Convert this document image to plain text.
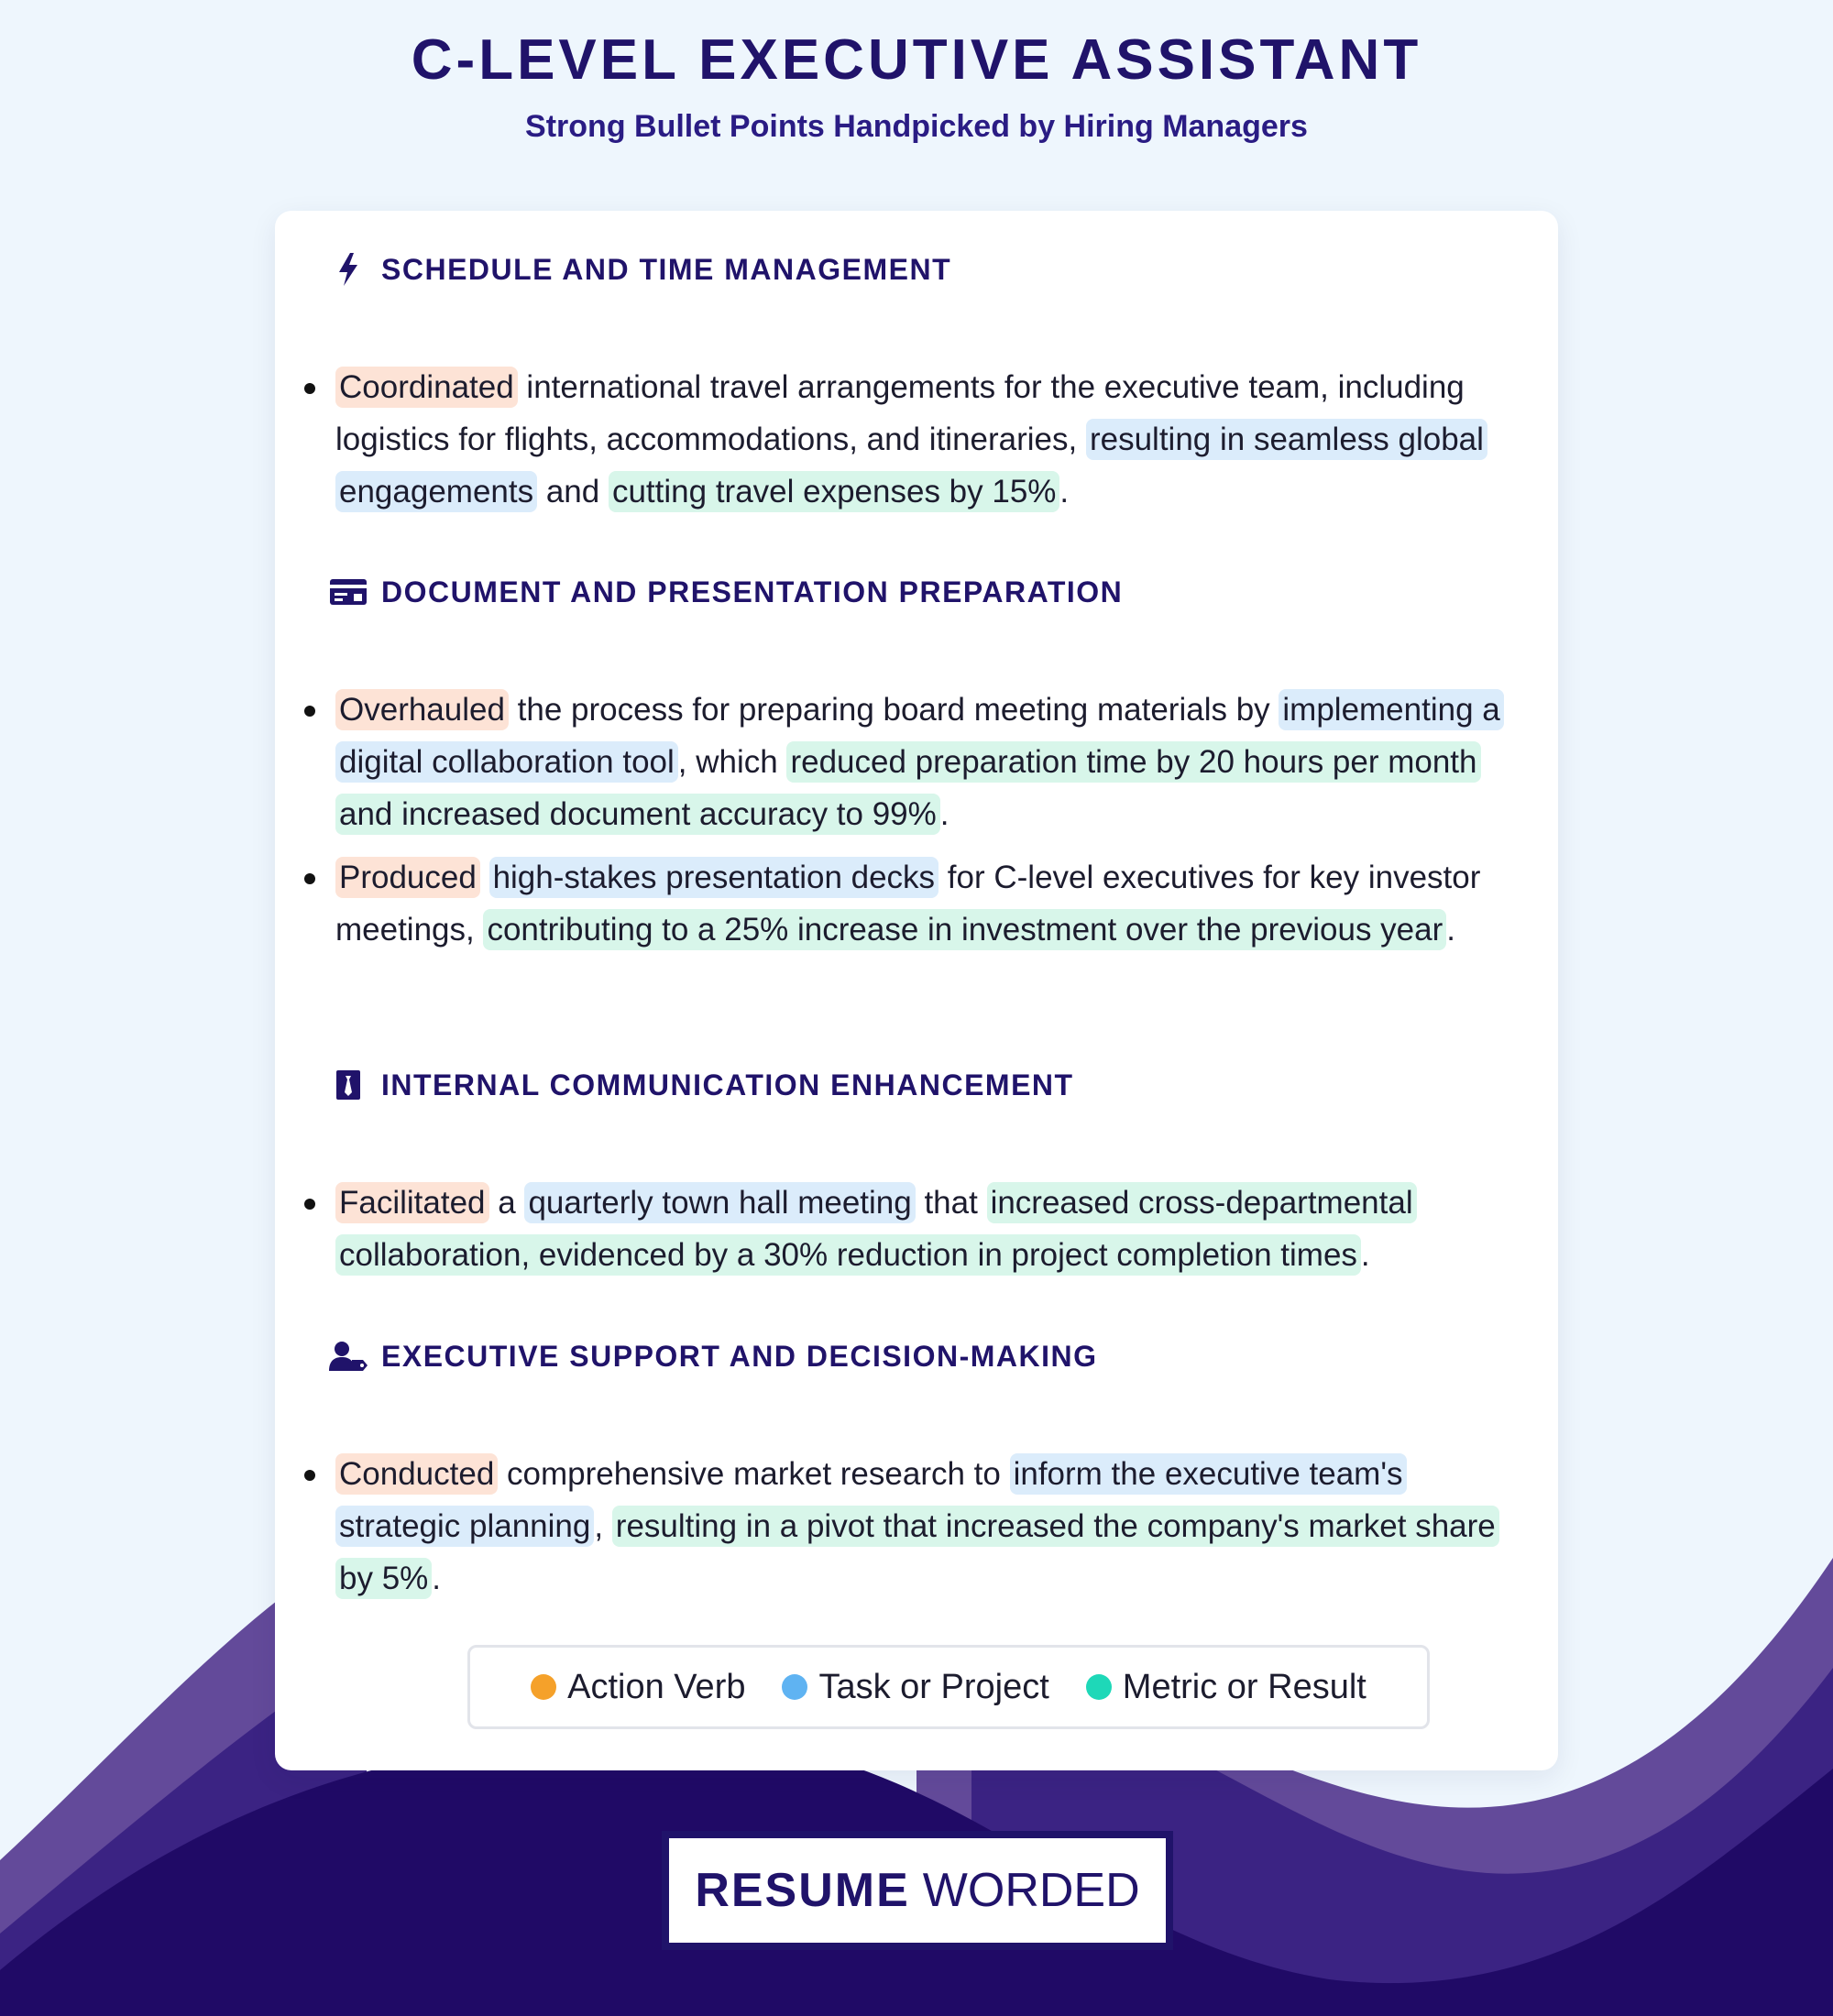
C-LEVEL EXECUTIVE ASSISTANT
Strong Bullet Points Handpicked by Hiring Managers
SCHEDULE AND TIME MANAGEMENT
Coordinated international travel arrangements for the executive team, including logistics for flights, accommodations, and itineraries, resulting in seamless global engagements and cutting travel expenses by 15% .
DOCUMENT AND PRESENTATION PREPARATION
Overhauled the process for preparing board meeting materials by implementing a digital collaboration tool , which reduced preparation time by 20 hours per month and increased document accuracy to 99% .
Produced high-stakes presentation decks for C-level executives for key investor meetings, contributing to a 25% increase in investment over the previous year .
INTERNAL COMMUNICATION ENHANCEMENT
Facilitated a quarterly town hall meeting that increased cross-departmental collaboration, evidenced by a 30% reduction in project completion times .
EXECUTIVE SUPPORT AND DECISION-MAKING
Conducted comprehensive market research to inform the executive team's strategic planning , resulting in a pivot that increased the company's market share by 5% .
Action Verb Task or Project Metric or Result
RESUME WORDED
